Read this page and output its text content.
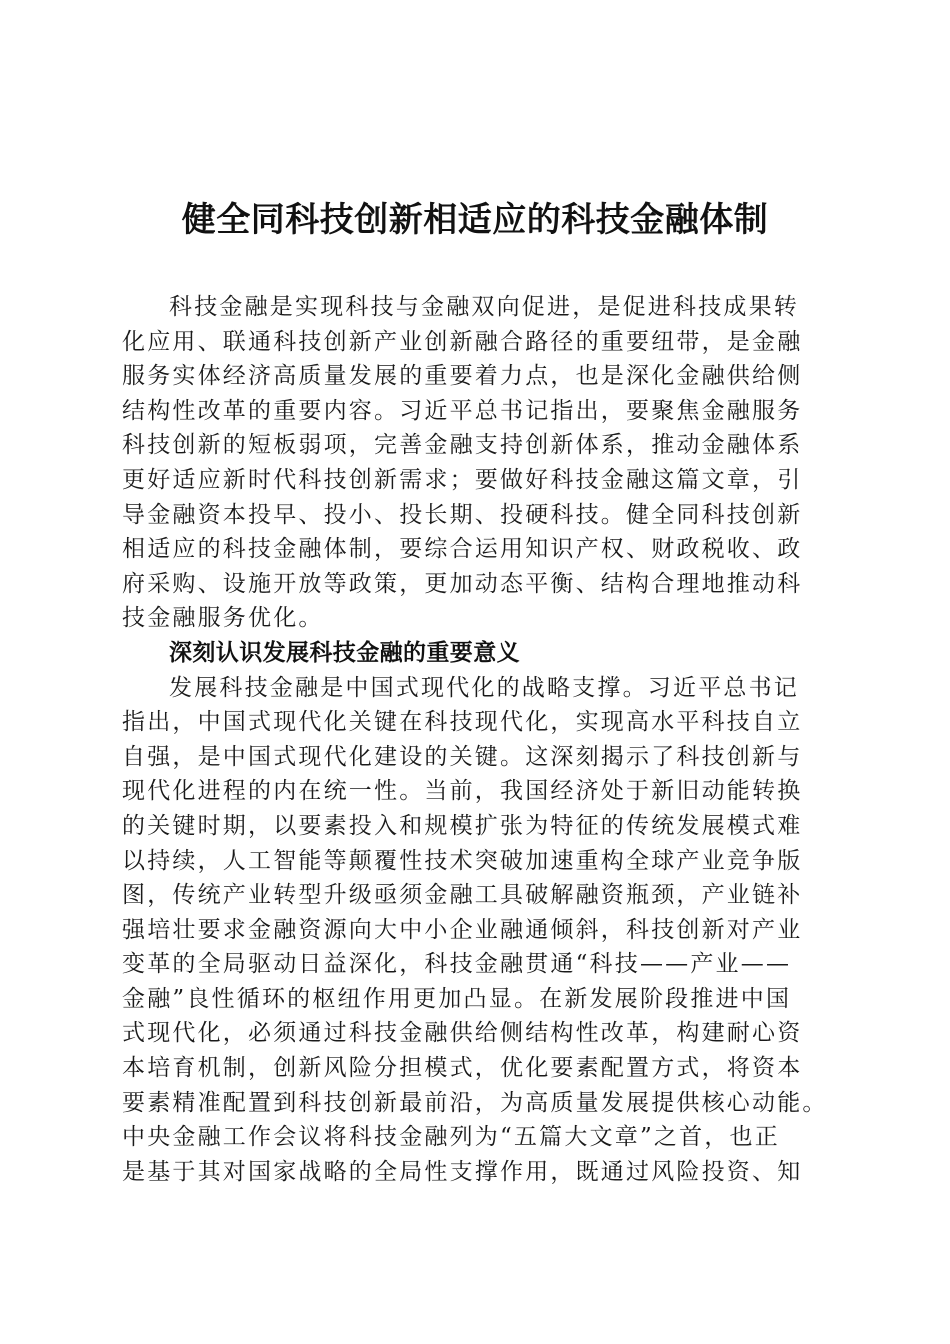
健全同科技创新相适应的科技金融体制
科技金融是实现科技与金融双向促进，是促进科技成果转
化应用、联通科技创新产业创新融合路径的重要纽带，是金融
服务实体经济高质量发展的重要着力点，也是深化金融供给侧
结构性改革的重要内容。习近平总书记指出，要聚焦金融服务
科技创新的短板弱项，完善金融支持创新体系，推动金融体系
更好适应新时代科技创新需求；要做好科技金融这篇文章，引
导金融资本投早、投小、投长期、投硬科技。健全同科技创新
相适应的科技金融体制，要综合运用知识产权、财政税收、政
府采购、设施开放等政策，更加动态平衡、结构合理地推动科
技金融服务优化。
深刻认识发展科技金融的重要意义
发展科技金融是中国式现代化的战略支撑。习近平总书记
指出，中国式现代化关键在科技现代化，实现高水平科技自立
自强，是中国式现代化建设的关键。这深刻揭示了科技创新与
现代化进程的内在统一性。当前，我国经济处于新旧动能转换
的关键时期，以要素投入和规模扩张为特征的传统发展模式难
以持续，人工智能等颠覆性技术突破加速重构全球产业竞争版
图，传统产业转型升级亟须金融工具破解融资瓶颈，产业链补
强培壮要求金融资源向大中小企业融通倾斜，科技创新对产业
变革的全局驱动日益深化，科技金融贯通“科技——产业——
金融”良性循环的枢纽作用更加凸显。在新发展阶段推进中国
式现代化，必须通过科技金融供给侧结构性改革，构建耐心资
本培育机制，创新风险分担模式，优化要素配置方式，将资本
要素精准配置到科技创新最前沿，为高质量发展提供核心动能。
中央金融工作会议将科技金融列为“五篇大文章”之首，也正
是基于其对国家战略的全局性支撑作用，既通过风险投资、知
